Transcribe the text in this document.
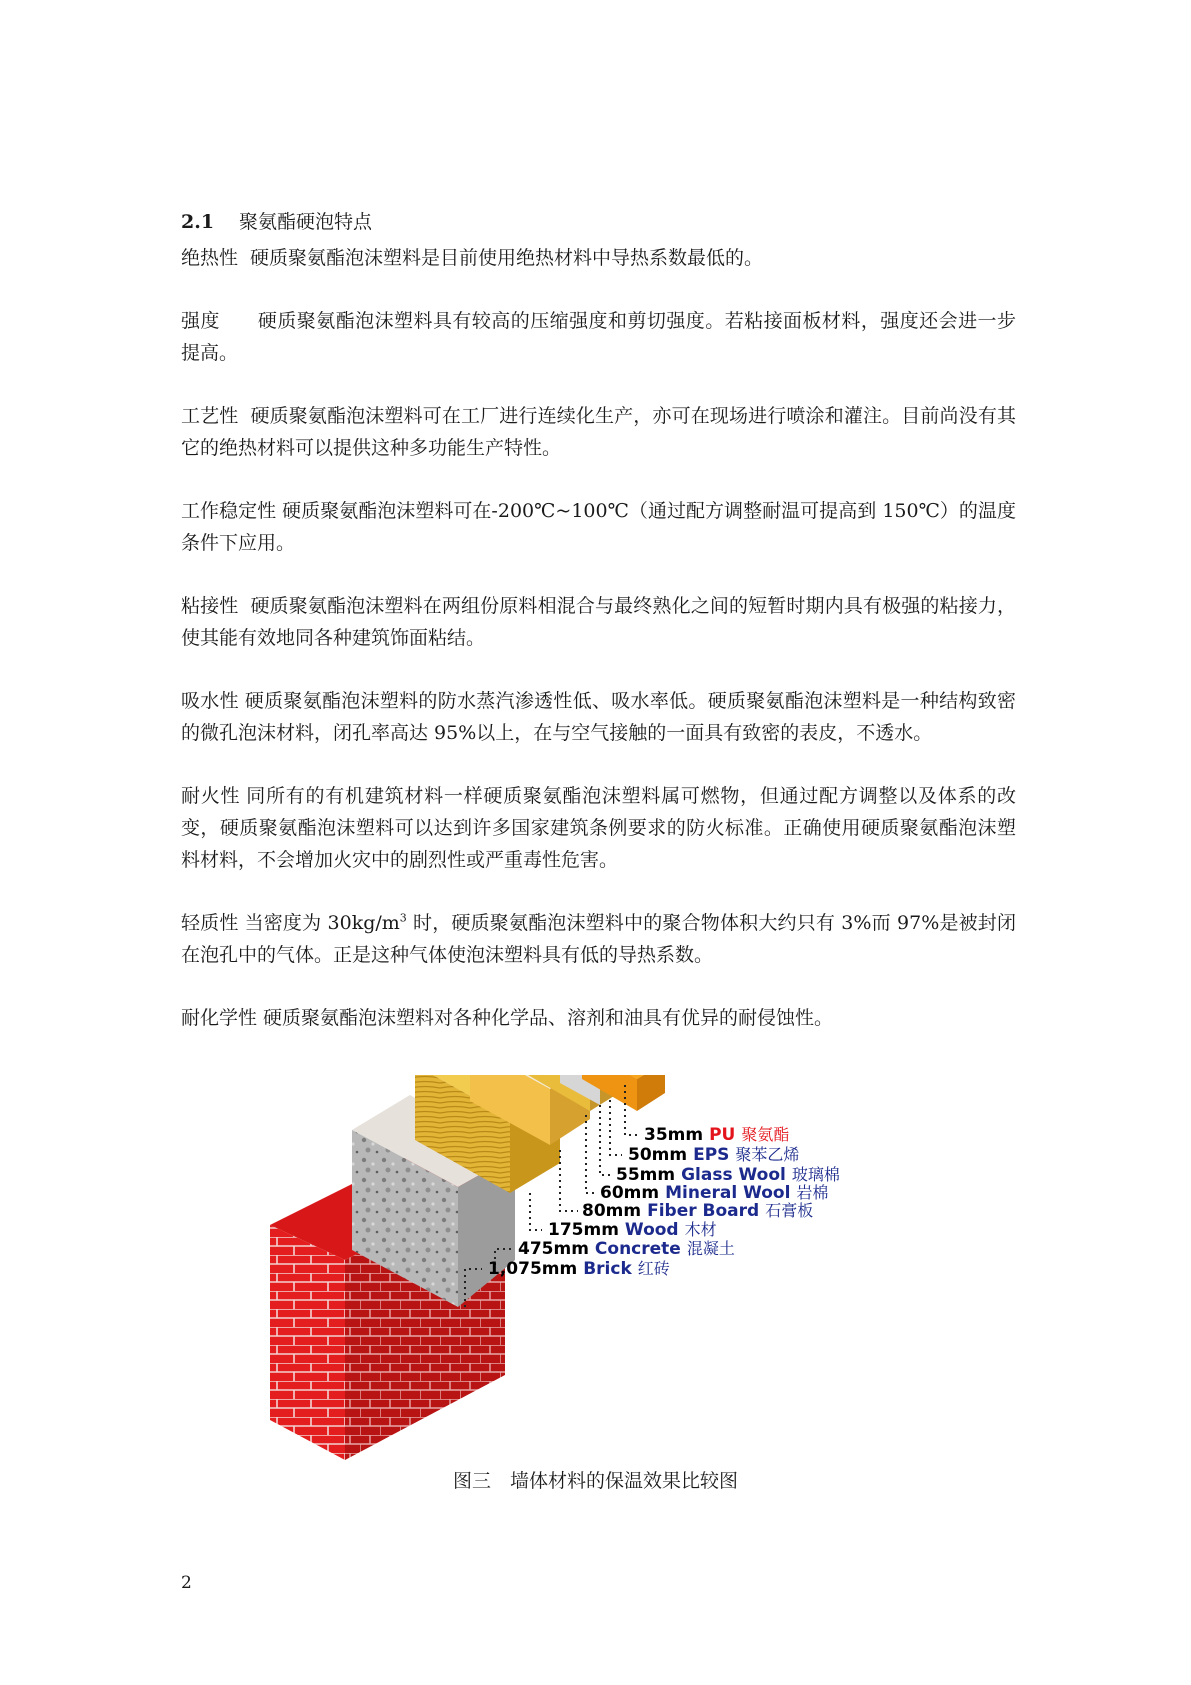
2.1 聚氨酯硬泡特点

绝热性 硬质聚氨酯泡沫塑料是目前使用绝热材料中导热系数最低的。

强度 硬质聚氨酯泡沫塑料具有较高的压缩强度和剪切强度。若粘接面板材料，强度还会进一步提高。

工艺性 硬质聚氨酯泡沫塑料可在工厂进行连续化生产，亦可在现场进行喷涂和灌注。目前尚没有其它的绝热材料可以提供这种多功能生产特性。

工作稳定性 硬质聚氨酯泡沫塑料可在-200℃~100℃（通过配方调整耐温可提高到 150℃）的温度条件下应用。

粘接性 硬质聚氨酯泡沫塑料在两组份原料相混合与最终熟化之间的短暂时期内具有极强的粘接力，使其能有效地同各种建筑饰面粘结。

吸水性 硬质聚氨酯泡沫塑料的防水蒸汽渗透性低、吸水率低。硬质聚氨酯泡沫塑料是一种结构致密的微孔泡沫材料，闭孔率高达 95%以上，在与空气接触的一面具有致密的表皮，不透水。

耐火性 同所有的有机建筑材料一样硬质聚氨酯泡沫塑料属可燃物，但通过配方调整以及体系的改变，硬质聚氨酯泡沫塑料可以达到许多国家建筑条例要求的防火标准。正确使用硬质聚氨酯泡沫塑料材料，不会增加火灾中的剧烈性或严重毒性危害。

轻质性 当密度为 $30kg/m^3$ 时，硬质聚氨酯泡沫塑料中的聚合物体积大约只有 3%而 97%是被封闭在泡孔中的气体。正是这种气体使泡沫塑料具有低的导热系数。

耐化学性 硬质聚氨酯泡沫塑料对各种化学品、溶剂和油具有优异的耐侵蚀性。

35mm PU 聚氨酯
50mm EPS 聚苯乙烯
55mm Glass Wool 玻璃棉
60mm Mineral Wool 岩棉
80mm Fiber Board 石膏板
175mm Wood 木材
475mm Concrete 混凝土
1,075mm Brick 红砖
图三　墙体材料的保温效果比较图
2
